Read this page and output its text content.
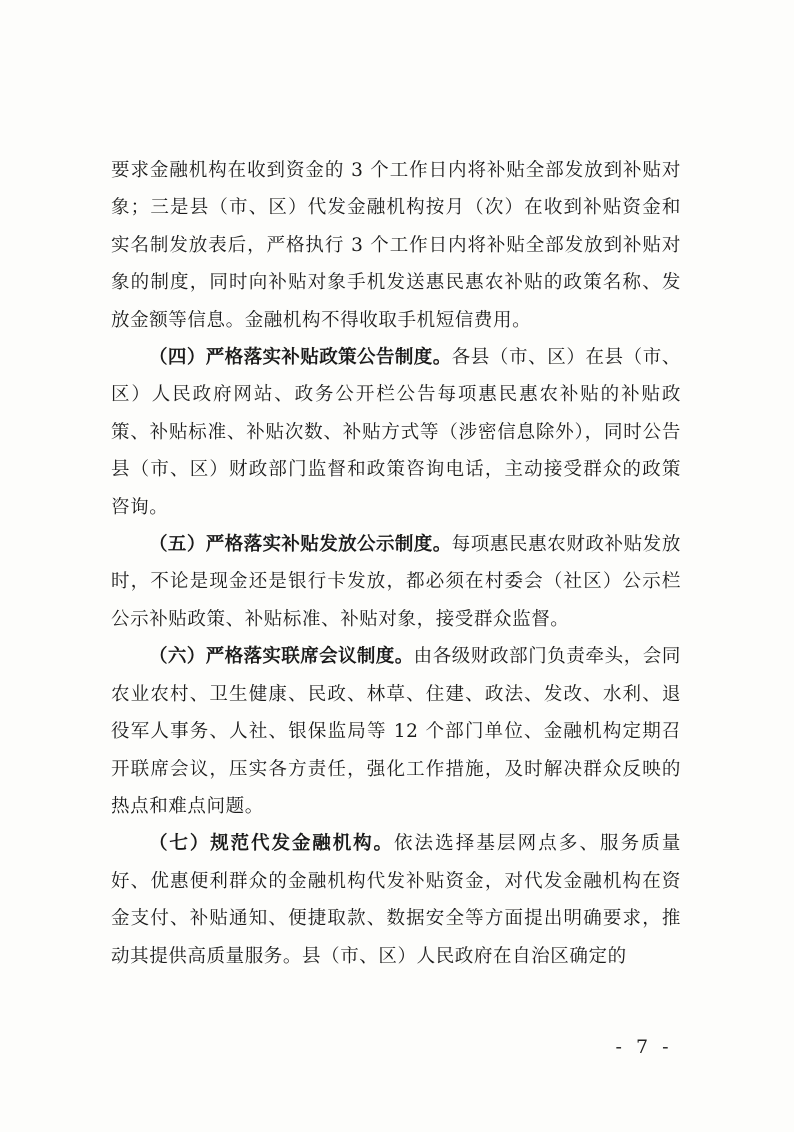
要求金融机构在收到资金的 3 个工作日内将补贴全部发放到补贴对象；三是县（市、区）代发金融机构按月（次）在收到补贴资金和实名制发放表后，严格执行 3 个工作日内将补贴全部发放到补贴对象的制度，同时向补贴对象手机发送惠民惠农补贴的政策名称、发放金额等信息。金融机构不得收取手机短信费用。

（四）严格落实补贴政策公告制度。各县（市、区）在县（市、区）人民政府网站、政务公开栏公告每项惠民惠农补贴的补贴政策、补贴标准、补贴次数、补贴方式等（涉密信息除外），同时公告县（市、区）财政部门监督和政策咨询电话，主动接受群众的政策咨询。

（五）严格落实补贴发放公示制度。每项惠民惠农财政补贴发放时，不论是现金还是银行卡发放，都必须在村委会（社区）公示栏公示补贴政策、补贴标准、补贴对象，接受群众监督。

（六）严格落实联席会议制度。由各级财政部门负责牵头，会同农业农村、卫生健康、民政、林草、住建、政法、发改、水利、退役军人事务、人社、银保监局等 12 个部门单位、金融机构定期召开联席会议，压实各方责任，强化工作措施，及时解决群众反映的热点和难点问题。

（七）规范代发金融机构。依法选择基层网点多、服务质量好、优惠便利群众的金融机构代发补贴资金，对代发金融机构在资金支付、补贴通知、便捷取款、数据安全等方面提出明确要求，推动其提供高质量服务。县（市、区）人民政府在自治区确定的

- 7 -
